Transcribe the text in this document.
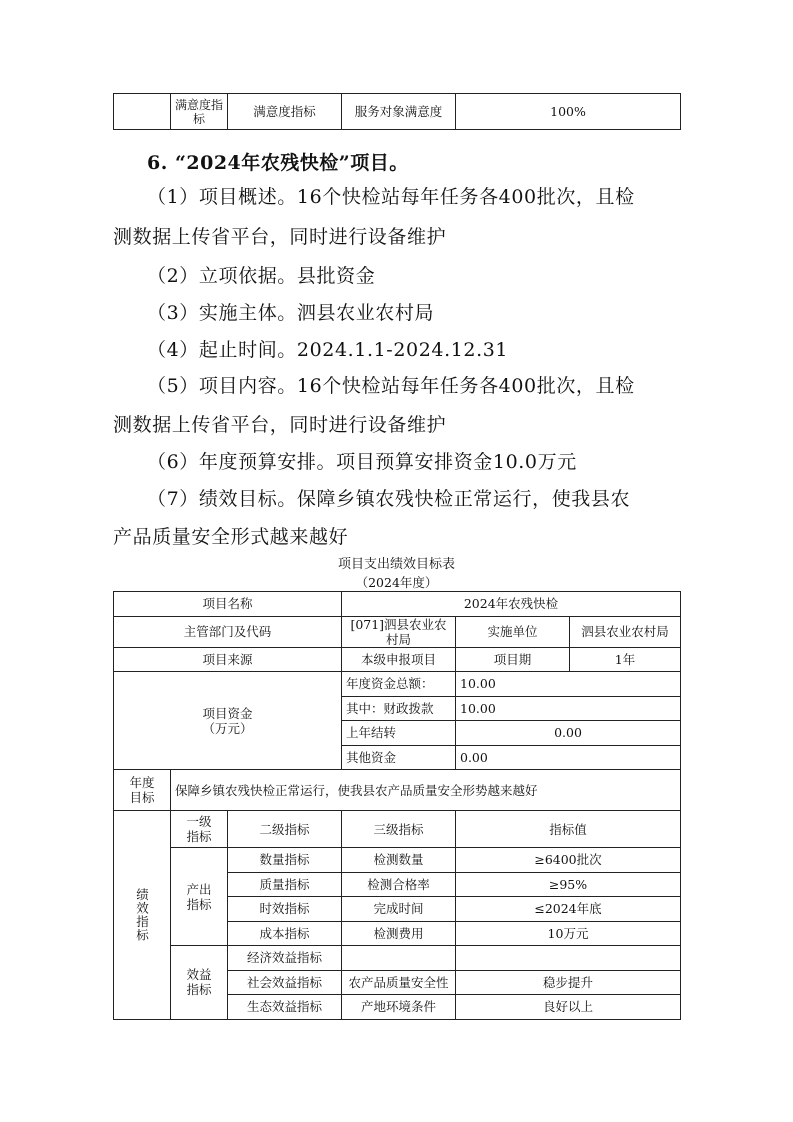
	满意度指标	满意度指标	服务对象满意度	100%
6. “2024年农残快检”项目。
（1）项目概述。16个快检站每年任务各400批次，且检
测数据上传省平台，同时进行设备维护
（2）立项依据。县批资金
（3）实施主体。泗县农业农村局
（4）起止时间。2024.1.1-2024.12.31
（5）项目内容。16个快检站每年任务各400批次，且检
测数据上传省平台，同时进行设备维护
（6）年度预算安排。项目预算安排资金10.0万元
（7）绩效目标。保障乡镇农残快检正常运行，使我县农
产品质量安全形式越来越好
项目支出绩效目标表
（2024年度）
项目名称			2024年农残快检		
主管部门及代码			[071]泗县农业农村局	实施单位	泗县农业农村局
项目来源			本级申报项目	项目期	1年

项目资金
（万元）			年度资金总额：	10.00	
			其中：财政拨款	10.00	
			上年结转	0.00	
			其他资金	0.00	

年度目标	保障乡镇农残快检正常运行，使我县农产品质量安全形势越来越好				

绩效指标	一级指标	二级指标	三级指标	指标值	

	产出指标	数量指标	检测数量	≥6400批次	
		质量指标	检测合格率	≥95%	
		时效指标	完成时间	≤2024年底	
		成本指标	检测费用	10万元	

	效益指标	经济效益指标			
		社会效益指标	农产品质量安全性	稳步提升	
		生态效益指标	产地环境条件	良好以上	
